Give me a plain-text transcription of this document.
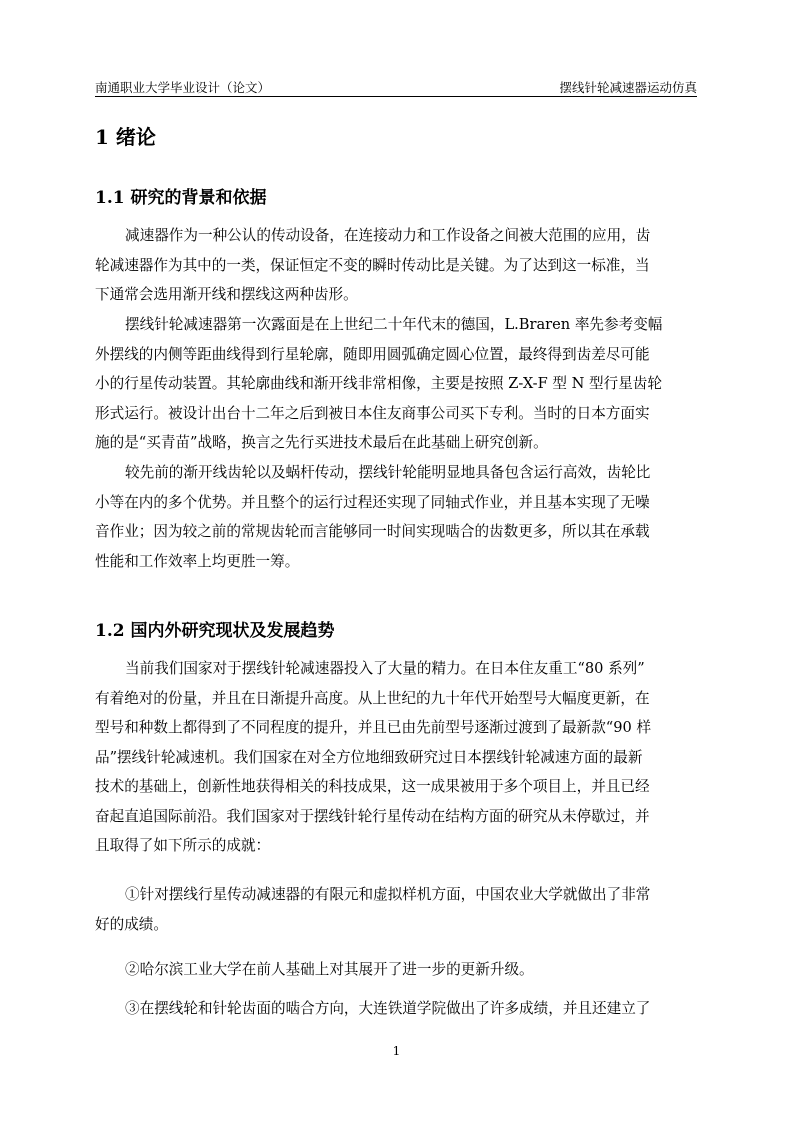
南通职业大学毕业设计（论文）	摆线针轮减速器运动仿真
1 绪论
1.1 研究的背景和依据
减速器作为一种公认的传动设备，在连接动力和工作设备之间被大范围的应用，齿
轮减速器作为其中的一类，保证恒定不变的瞬时传动比是关键。为了达到这一标准，当
下通常会选用渐开线和摆线这两种齿形。
摆线针轮减速器第一次露面是在上世纪二十年代末的德国，L.Braren 率先参考变幅
外摆线的内侧等距曲线得到行星轮廓，随即用圆弧确定圆心位置，最终得到齿差尽可能
小的行星传动装置。其轮廓曲线和渐开线非常相像，主要是按照 Z-X-F 型 N 型行星齿轮
形式运行。被设计出台十二年之后到被日本住友商事公司买下专利。当时的日本方面实
施的是“买青苗”战略，换言之先行买进技术最后在此基础上研究创新。
较先前的渐开线齿轮以及蜗杆传动，摆线针轮能明显地具备包含运行高效，齿轮比
小等在内的多个优势。并且整个的运行过程还实现了同轴式作业，并且基本实现了无噪
音作业；因为较之前的常规齿轮而言能够同一时间实现啮合的齿数更多，所以其在承载
性能和工作效率上均更胜一筹。
1.2 国内外研究现状及发展趋势
当前我们国家对于摆线针轮减速器投入了大量的精力。在日本住友重工“80 系列”
有着绝对的份量，并且在日渐提升高度。从上世纪的九十年代开始型号大幅度更新，在
型号和种数上都得到了不同程度的提升，并且已由先前型号逐渐过渡到了最新款“90 样
品”摆线针轮减速机。我们国家在对全方位地细致研究过日本摆线针轮减速方面的最新
技术的基础上，创新性地获得相关的科技成果，这一成果被用于多个项目上，并且已经
奋起直追国际前沿。我们国家对于摆线针轮行星传动在结构方面的研究从未停歇过，并
且取得了如下所示的成就：
①针对摆线行星传动减速器的有限元和虚拟样机方面，中国农业大学就做出了非常
好的成绩。
②哈尔滨工业大学在前人基础上对其展开了进一步的更新升级。
③在摆线轮和针轮齿面的啮合方向，大连铁道学院做出了许多成绩，并且还建立了
1
